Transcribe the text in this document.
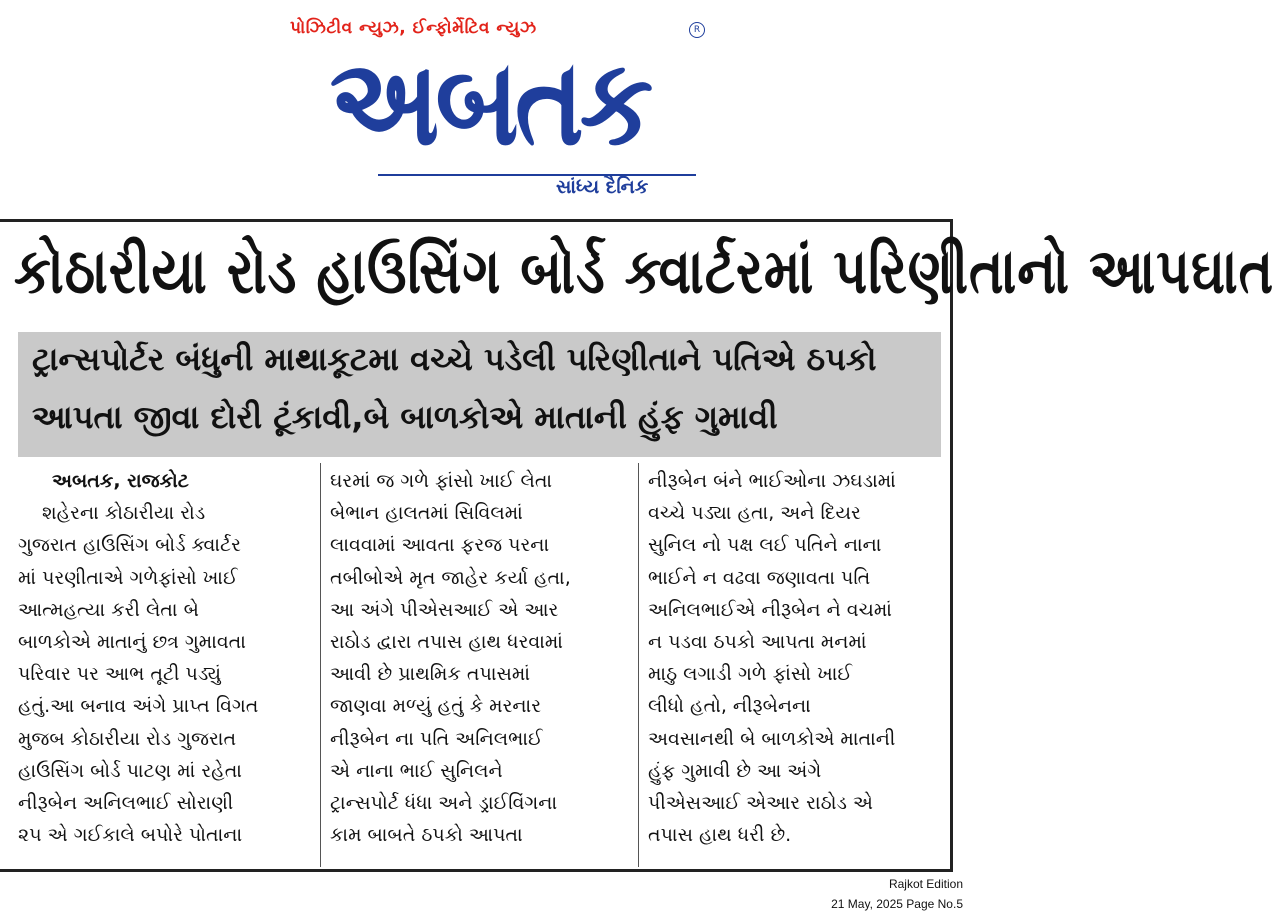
પોઝિટીવ ન્યુઝ, ઈન્ફોર્મેટિવ ન્યુઝ	R
અબતક
સાંધ્ય દૈનિક
કોઠારીયા રોડ હાઉસિંગ બોર્ડ ક્વાર્ટરમાં પરિણીતાનો આપઘાત
ટ્રાન્સપોર્ટર બંધુની માથાકૂટમા વચ્ચે પડેલી પરિણીતાને પતિએ ઠપકો
આપતા જીવા દોરી ટૂંકાવી,બે બાળકોએ માતાની હુંફ ગુમાવી
અબતક, રાજકોટ
શહેરના કોઠારીયા રોડ
ગુજરાત હાઉસિંગ બોર્ડ ક્વાર્ટર
માં પરણીતાએ ગળેફાંસો ખાઈ
આત્મહત્યા કરી લેતા બે
બાળકોએ માતાનું છત્ર ગુમાવતા
પરિવાર પર આભ તૂટી પડ્યું
હતું.આ બનાવ અંગે પ્રાપ્ત વિગત
મુજબ કોઠારીયા રોડ ગુજરાત
હાઉસિંગ બોર્ડ પાટણ માં રહેતા
નીરૂબેન અનિલભાઈ સોરાણી
૨૫ એ ગઈકાલે બપોરે પોતાના
ઘરમાં જ ગળે ફાંસો ખાઈ લેતા
બેભાન હાલતમાં સિવિલમાં
લાવવામાં આવતા ફરજ પરના
તબીબોએ મૃત જાહેર કર્યા હતા,
આ અંગે પીએસઆઈ એ આર
રાઠોડ દ્વારા તપાસ હાથ ધરવામાં
આવી છે પ્રાથમિક તપાસમાં
જાણવા મળ્યું હતું કે મરનાર
નીરૂબેન ના પતિ અનિલભાઈ
એ નાના ભાઈ સુનિલને
ટ્રાન્સપોર્ટ ધંધા અને ડ્રાઈવિંગના
કામ બાબતે ઠપકો આપતા
નીરૂબેન બંને ભાઈઓના ઝઘડામાં
વચ્ચે પડ્યા હતા, અને દિયર
સુનિલ નો પક્ષ લઈ પતિને નાના
ભાઈને ન વઢવા જણાવતા પતિ
અનિલભાઈએ નીરૂબેન ને વચમાં
ન પડવા ઠપકો આપતા મનમાં
માઠુ લગાડી ગળે ફાંસો ખાઈ
લીધો હતો, નીરૂબેનના
અવસાનથી બે બાળકોએ માતાની
હુંફ ગુમાવી છે આ અંગે
પીએસઆઈ એઆર રાઠોડ એ
તપાસ હાથ ધરી છે.
Rajkot Edition
21 May, 2025 Page No.5
